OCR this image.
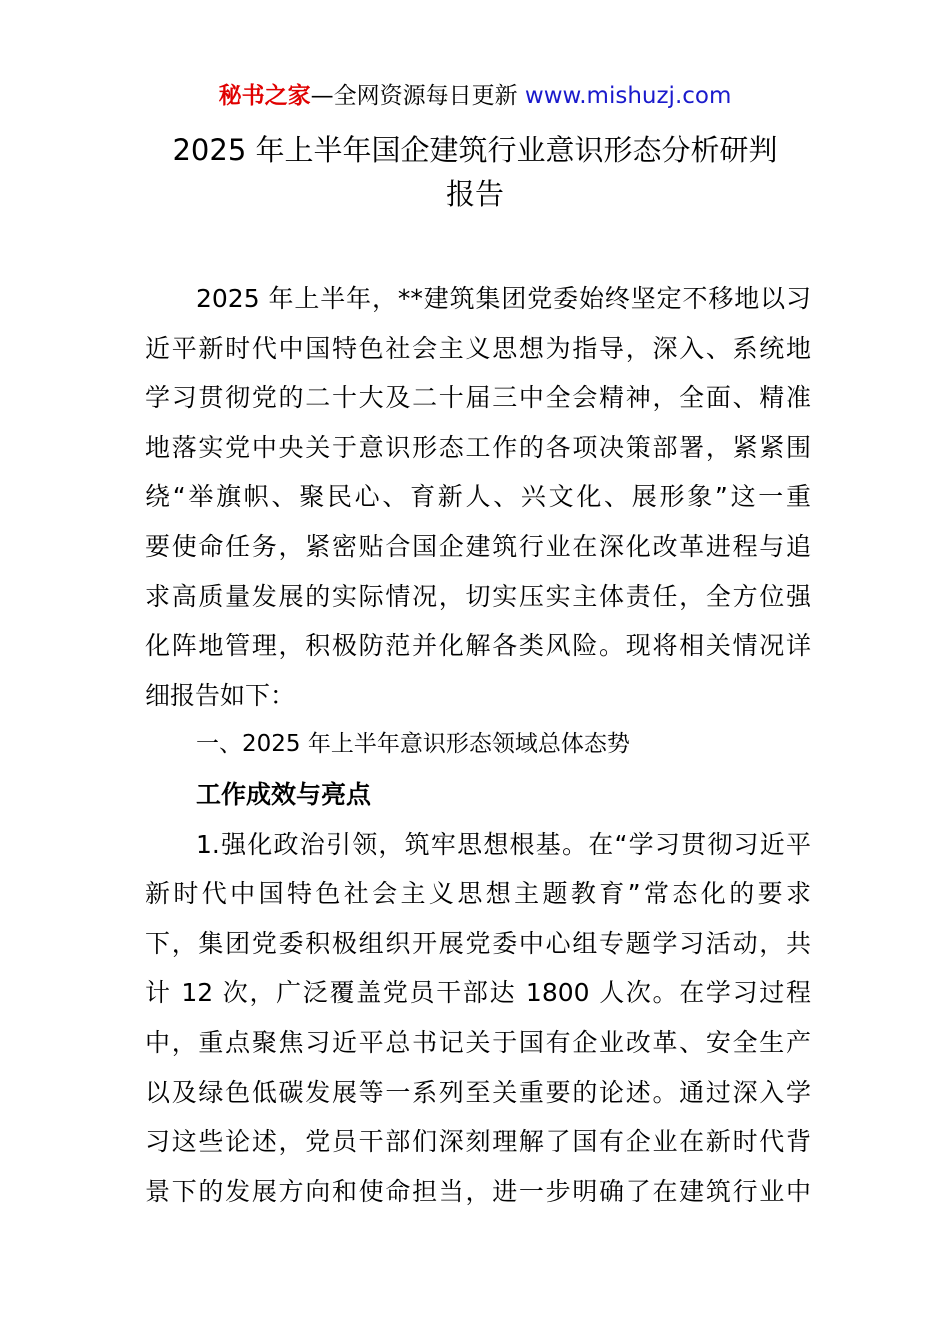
秘书之家—全网资源每日更新 www.mishuzj.com
2025 年上半年国企建筑行业意识形态分析研判
报告
2025 年上半年，**建筑集团党委始终坚定不移地以习
近平新时代中国特色社会主义思想为指导，深入、系统地
学习贯彻党的二十大及二十届三中全会精神，全面、精准
地落实党中央关于意识形态工作的各项决策部署，紧紧围
绕“举旗帜、聚民心、育新人、兴文化、展形象”这一重
要使命任务，紧密贴合国企建筑行业在深化改革进程与追
求高质量发展的实际情况，切实压实主体责任，全方位强
化阵地管理，积极防范并化解各类风险。现将相关情况详
细报告如下：
一、2025 年上半年意识形态领域总体态势
工作成效与亮点
1.强化政治引领，筑牢思想根基。在“学习贯彻习近平
新时代中国特色社会主义思想主题教育”常态化的要求
下，集团党委积极组织开展党委中心组专题学习活动，共
计 12 次，广泛覆盖党员干部达 1800 人次。在学习过程
中，重点聚焦习近平总书记关于国有企业改革、安全生产
以及绿色低碳发展等一系列至关重要的论述。通过深入学
习这些论述，党员干部们深刻理解了国有企业在新时代背
景下的发展方向和使命担当，进一步明确了在建筑行业中
